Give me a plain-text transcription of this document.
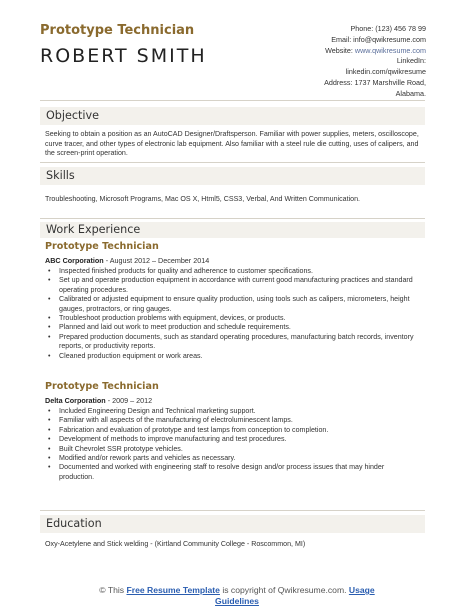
Prototype Technician
ROBERT SMITH
Phone: (123) 456 78 99
Email: info@qwikresume.com
Website: www.qwikresume.com
LinkedIn:
linkedin.com/qwikresume
Address: 1737 Marshville Road,
Alabama.
Objective
Seeking to obtain a position as an AutoCAD Designer/Draftsperson. Familiar with power supplies, meters, oscilloscope, curve tracer, and other types of electronic lab equipment. Also familiar with a steel rule die cutting, uses of calipers, and the screen-print operation.
Skills
Troubleshooting, Microsoft Programs, Mac OS X, Html5, CSS3, Verbal, And Written Communication.
Work Experience
Prototype Technician
ABC Corporation - August 2012 – December 2014
• Inspected finished products for quality and adherence to customer specifications.
• Set up and operate production equipment in accordance with current good manufacturing practices and standard operating procedures.
• Calibrated or adjusted equipment to ensure quality production, using tools such as calipers, micrometers, height gauges, protractors, or ring gauges.
• Troubleshoot production problems with equipment, devices, or products.
• Planned and laid out work to meet production and schedule requirements.
• Prepared production documents, such as standard operating procedures, manufacturing batch records, inventory reports, or productivity reports.
• Cleaned production equipment or work areas.
Prototype Technician
Delta Corporation - 2009 – 2012
• Included Engineering Design and Technical marketing support.
• Familiar with all aspects of the manufacturing of electroluminescent lamps.
• Fabrication and evaluation of prototype and test lamps from conception to completion.
• Development of methods to improve manufacturing and test procedures.
• Built Chevrolet SSR prototype vehicles.
• Modified and/or rework parts and vehicles as necessary.
• Documented and worked with engineering staff to resolve design and/or process issues that may hinder production.
Education
Oxy-Acetylene and Stick welding - (Kirtland Community College - Roscommon, MI)
© This Free Resume Template is copyright of Qwikresume.com. Usage
Guidelines
